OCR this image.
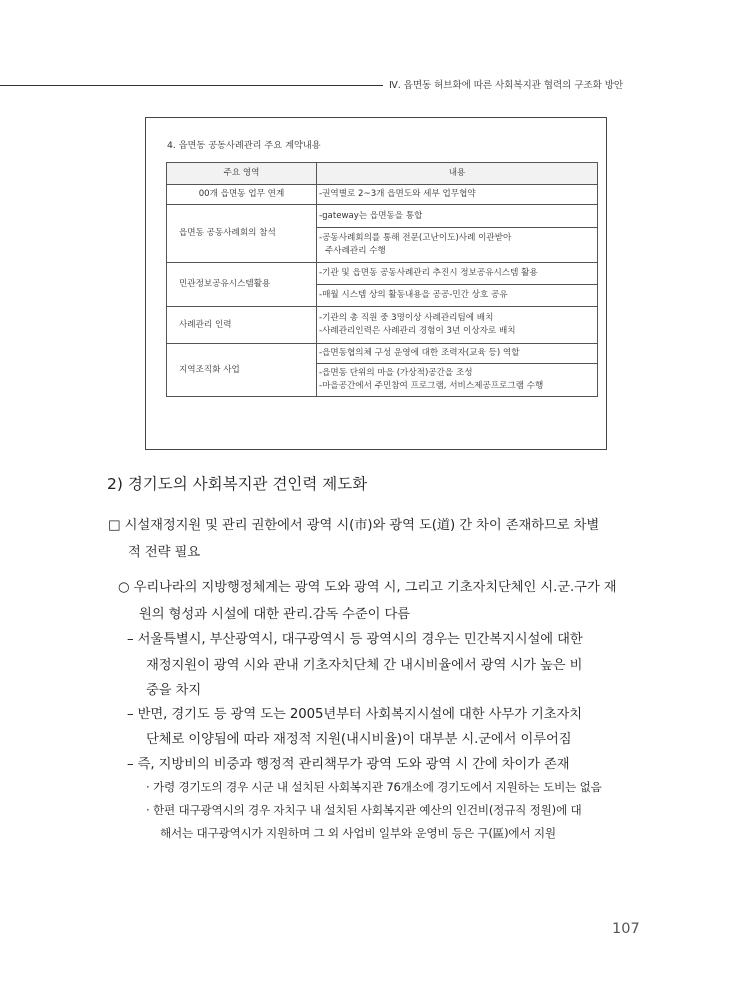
Ⅳ. 읍면동 허브화에 따른 사회복지관 협력의 구조화 방안
4. 읍면동 공동사례관리 주요 계약내용
주요 영역	내용
00개 읍면동 업무 연계	-권역별로 2~3개 읍면도와 세부 업무협약
읍면동 공동사례회의 참석	-gateway는 읍면동을 통합

	-공동사례회의를 통해 전문(고난이도)사례 이관받아
주사례관리 수행

민관정보공유시스템활용	-기관 및 읍면동 공동사례관리 추진시 정보공유시스템 활용
	-매월 시스템 상의 활동내용을 공공-민간 상호 공유
사례관리 인력	-기관의 총 직원 중 3명이상 사례관리팀에 배치
-사례관리인력은 사례관리 경험이 3년 이상자로 배치

지역조직화 사업	-읍면동협의체 구성 운영에 대한 조력자(교육 등) 역할

	-읍면동 단위의 마을 (가상적)공간을 조성
-마을공간에서 주민참여 프로그램, 서비스제공프로그램 수행
2) 경기도의 사회복지관 견인력 제도화
□ 시설재정지원 및 관리 권한에서 광역 시(市)와 광역 도(道) 간 차이 존재하므로 차별
적 전략 필요
○ 우리나라의 지방행정체계는 광역 도와 광역 시, 그리고 기초자치단체인 시.군.구가 재
원의 형성과 시설에 대한 관리.감독 수준이 다름
– 서울특별시, 부산광역시, 대구광역시 등 광역시의 경우는 민간복지시설에 대한
재정지원이 광역 시와 관내 기초자치단체 간 내시비율에서 광역 시가 높은 비
중을 차지
– 반면, 경기도 등 광역 도는 2005년부터 사회복지시설에 대한 사무가 기초자치
단체로 이양됨에 따라 재정적 지원(내시비율)이 대부분 시.군에서 이루어짐
– 즉, 지방비의 비중과 행정적 관리책무가 광역 도와 광역 시 간에 차이가 존재
· 가령 경기도의 경우 시군 내 설치된 사회복지관 76개소에 경기도에서 지원하는 도비는 없음
· 한편 대구광역시의 경우 자치구 내 설치된 사회복지관 예산의 인건비(정규직 정원)에 대
해서는 대구광역시가 지원하며 그 외 사업비 일부와 운영비 등은 구(區)에서 지원
107
